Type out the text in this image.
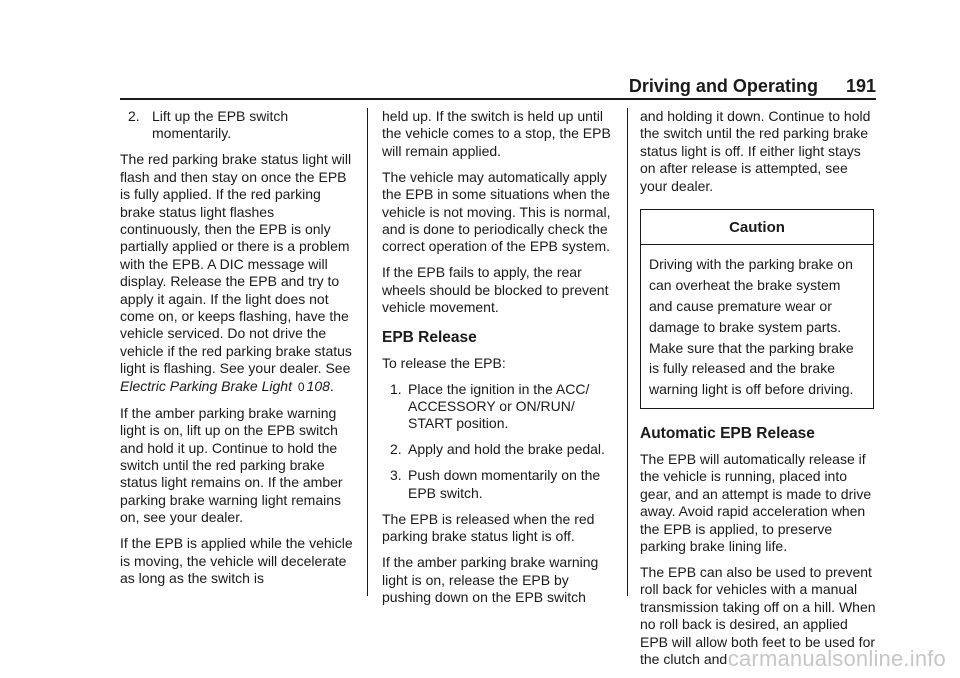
Driving and Operating 191
2. Lift up the EPB switch momentarily.

The red parking brake status light will flash and then stay on once the EPB is fully applied. If the red parking brake status light flashes continuously, then the EPB is only partially applied or there is a problem with the EPB. A DIC message will display. Release the EPB and try to apply it again. If the light does not come on, or keeps flashing, have the vehicle serviced. Do not drive the vehicle if the red parking brake status light is flashing. See your dealer. See Electric Parking Brake Light 0 108.

If the amber parking brake warning light is on, lift up on the EPB switch and hold it up. Continue to hold the switch until the red parking brake status light remains on. If the amber parking brake warning light remains on, see your dealer.

If the EPB is applied while the vehicle is moving, the vehicle will decelerate as long as the switch is

held up. If the switch is held up until the vehicle comes to a stop, the EPB will remain applied.

The vehicle may automatically apply the EPB in some situations when the vehicle is not moving. This is normal, and is done to periodically check the correct operation of the EPB system.

If the EPB fails to apply, the rear wheels should be blocked to prevent vehicle movement.

EPB Release

To release the EPB:

1. Place the ignition in the ACC/ ACCESSORY or ON/RUN/ START position.
2. Apply and hold the brake pedal.
3. Push down momentarily on the EPB switch.

The EPB is released when the red parking brake status light is off.

If the amber parking brake warning light is on, release the EPB by pushing down on the EPB switch

and holding it down. Continue to hold the switch until the red parking brake status light is off. If either light stays on after release is attempted, see your dealer.

Caution
Driving with the parking brake on can overheat the brake system and cause premature wear or damage to brake system parts. Make sure that the parking brake is fully released and the brake warning light is off before driving.
Automatic EPB Release

The EPB will automatically release if the vehicle is running, placed into gear, and an attempt is made to drive away. Avoid rapid acceleration when the EPB is applied, to preserve parking brake lining life.

The EPB can also be used to prevent roll back for vehicles with a manual transmission taking off on a hill. When no roll back is desired, an applied EPB will allow both feet to be used for the clutch and carmanualsonline.info
